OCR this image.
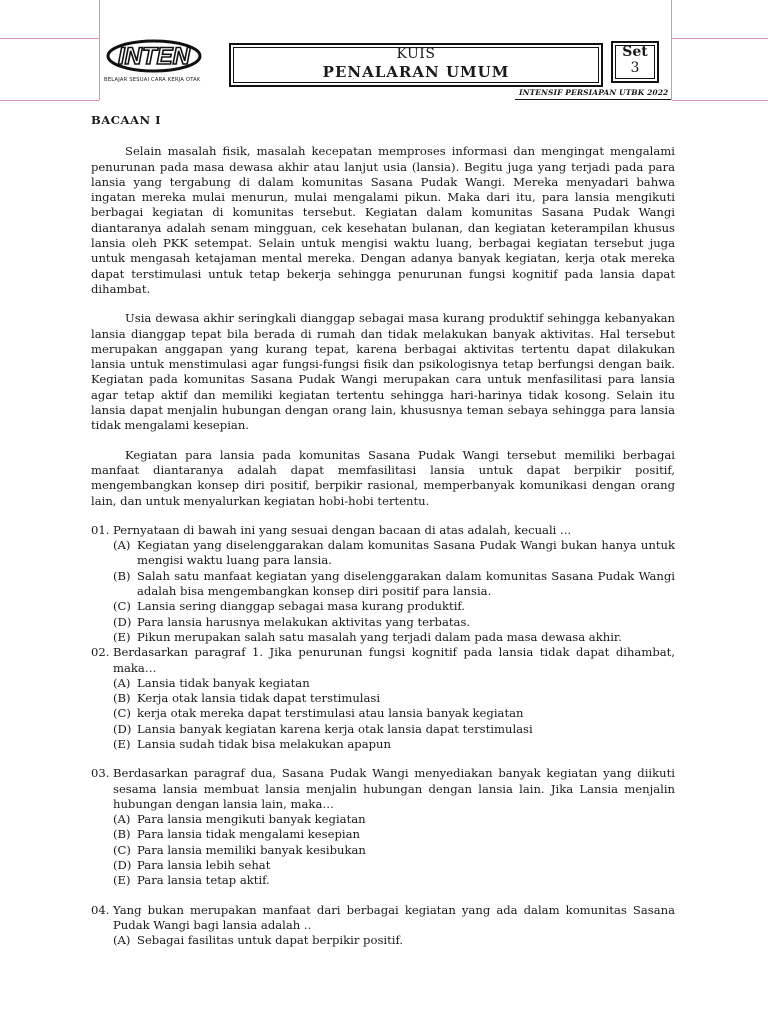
INTEN
BELAJAR SESUAI CARA KERJA OTAK
KUIS
PENALARAN UMUM
Set
3
INTENSIF PERSIAPAN UTBK 2022
BACAAN I

Selain masalah fisik, masalah kecepatan memproses informasi dan mengingat mengalami penurunan pada masa dewasa akhir atau lanjut usia (lansia). Begitu juga yang terjadi pada para lansia yang tergabung di dalam komunitas Sasana Pudak Wangi. Mereka menyadari bahwa ingatan mereka mulai menurun, mulai mengalami pikun. Maka dari itu, para lansia mengikuti berbagai kegiatan di komunitas tersebut. Kegiatan dalam komunitas Sasana Pudak Wangi diantaranya adalah senam mingguan, cek kesehatan bulanan, dan kegiatan keterampilan khusus lansia oleh PKK setempat. Selain untuk mengisi waktu luang, berbagai kegiatan tersebut juga untuk mengasah ketajaman mental mereka. Dengan adanya banyak kegiatan, kerja otak mereka dapat terstimulasi untuk tetap bekerja sehingga penurunan fungsi kognitif pada lansia dapat dihambat.

Usia dewasa akhir seringkali dianggap sebagai masa kurang produktif sehingga kebanyakan lansia dianggap tepat bila berada di rumah dan tidak melakukan banyak aktivitas. Hal tersebut merupakan anggapan yang kurang tepat, karena berbagai aktivitas tertentu dapat dilakukan lansia untuk menstimulasi agar fungsi-fungsi fisik dan psikologisnya tetap berfungsi dengan baik. Kegiatan pada komunitas Sasana Pudak Wangi merupakan cara untuk menfasilitasi para lansia agar tetap aktif dan memiliki kegiatan tertentu sehingga hari-harinya tidak kosong. Selain itu lansia dapat menjalin hubungan dengan orang lain, khususnya teman sebaya sehingga para lansia tidak mengalami kesepian.

Kegiatan para lansia pada komunitas Sasana Pudak Wangi tersebut memiliki berbagai manfaat diantaranya adalah dapat memfasilitasi lansia untuk dapat berpikir positif, mengembangkan konsep diri positif, berpikir rasional, memperbanyak komunikasi dengan orang lain, dan untuk menyalurkan kegiatan hobi-hobi tertentu.

01. Pernyataan di bawah ini yang sesuai dengan bacaan di atas adalah, kecuali ...

(A) Kegiatan yang diselenggarakan dalam komunitas Sasana Pudak Wangi bukan hanya untuk mengisi waktu luang para lansia.
(B) Salah satu manfaat kegiatan yang diselenggarakan dalam komunitas Sasana Pudak Wangi adalah bisa mengembangkan konsep diri positif para lansia.
(C) Lansia sering dianggap sebagai masa kurang produktif.
(D) Para lansia harusnya melakukan aktivitas yang terbatas.
(E) Pikun merupakan salah satu masalah yang terjadi dalam pada masa dewasa akhir.

02. Berdasarkan paragraf 1. Jika penurunan fungsi kognitif pada lansia tidak dapat dihambat, maka…

(A) Lansia tidak banyak kegiatan
(B) Kerja otak lansia tidak dapat terstimulasi
(C) kerja otak mereka dapat terstimulasi atau lansia banyak kegiatan
(D) Lansia banyak kegiatan karena kerja otak lansia dapat terstimulasi
(E) Lansia sudah tidak bisa melakukan apapun

03. Berdasarkan paragraf dua, Sasana Pudak Wangi menyediakan banyak kegiatan yang diikuti sesama lansia membuat lansia menjalin hubungan dengan lansia lain. Jika Lansia menjalin hubungan dengan lansia lain, maka…

(A) Para lansia mengikuti banyak kegiatan
(B) Para lansia tidak mengalami kesepian
(C) Para lansia memiliki banyak kesibukan
(D) Para lansia lebih sehat
(E) Para lansia tetap aktif.

04. Yang bukan merupakan manfaat dari berbagai kegiatan yang ada dalam komunitas Sasana Pudak Wangi bagi lansia adalah ..

(A) Sebagai fasilitas untuk dapat berpikir positif.
